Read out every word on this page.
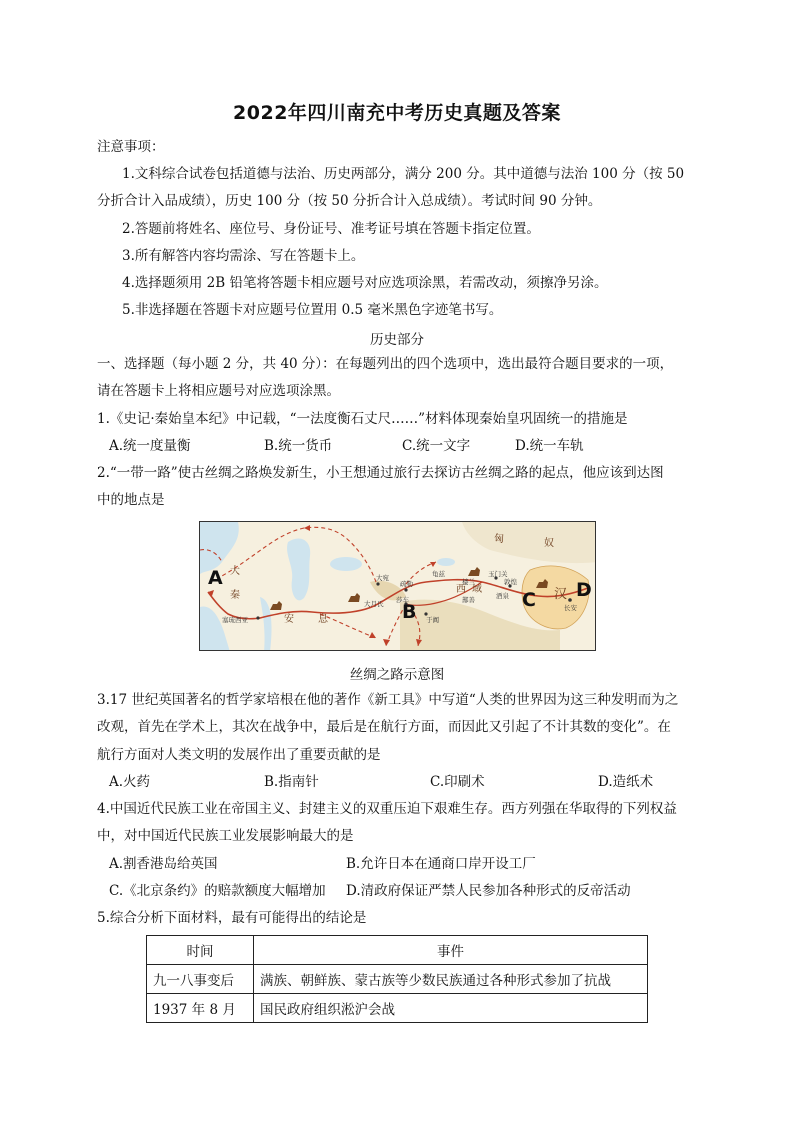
2022年四川南充中考历史真题及答案
注意事项：
1.文科综合试卷包括道德与法治、历史两部分，满分 200 分。其中道德与法治 100 分（按 50
分折合计入品成绩），历史 100 分（按 50 分折合计入总成绩）。考试时间 90 分钟。
2.答题前将姓名、座位号、身份证号、准考证号填在答题卡指定位置。
3.所有解答内容均需涂、写在答题卡上。
4.选择题须用 2B 铅笔将答题卡相应题号对应选项涂黑，若需改动，须擦净另涂。
5.非选择题在答题卡对应题号位置用 0.5 毫米黑色字迹笔书写。
历史部分
一、选择题（每小题 2 分，共 40 分）：在每题列出的四个选项中，选出最符合题目要求的一项，
请在答题卡上将相应题号对应选项涂黑。
1.《史记·秦始皇本纪》中记载，“一法度衡石丈尺……”材料体现秦始皇巩固统一的措施是
A.统一度量衡	B.统一货币	C.统一文字	D.统一车轨
2.“一带一路”使古丝绸之路焕发新生，小王想通过旅行去探访古丝绸之路的起点，他应该到达图
中的地点是
大
秦
安 息
塞琉西亚
大宛
疏勒
大月氏 莎车
于阗
匈	奴
玉门关
敦煌
酒泉	汉
长安
西 域
楼兰
龟兹
鄯善
A
B
C D
丝绸之路示意图
3.17 世纪英国著名的哲学家培根在他的著作《新工具》中写道“人类的世界因为这三种发明而为之
改观，首先在学术上，其次在战争中，最后是在航行方面，而因此又引起了不计其数的变化”。在
航行方面对人类文明的发展作出了重要贡献的是
A.火药	B.指南针	C.印刷术	D.造纸术
4.中国近代民族工业在帝国主义、封建主义的双重压迫下艰难生存。西方列强在华取得的下列权益
中，对中国近代民族工业发展影响最大的是
A.割香港岛给英国	B.允许日本在通商口岸开设工厂
C.《北京条约》的赔款额度大幅增加 D.清政府保证严禁人民参加各种形式的反帝活动
5.综合分析下面材料，最有可能得出的结论是
时间	事件
九一八事变后	满族、朝鲜族、蒙古族等少数民族通过各种形式参加了抗战
1937 年 8 月	国民政府组织淞沪会战
